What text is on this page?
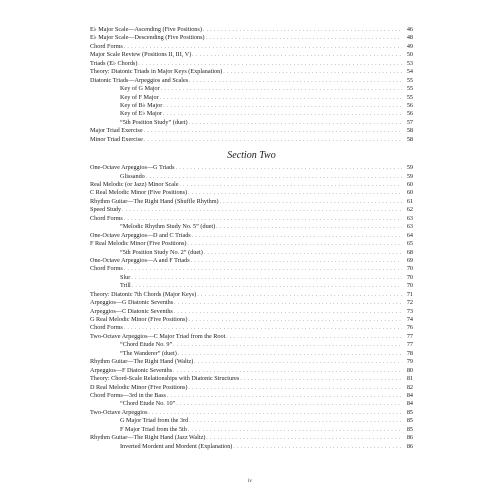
E♭ Major Scale—Ascending (Five Positions) . . .	46
E♭ Major Scale—Descending (Five Positions) . . .	48
Chord Forms . . .	49
Major Scale Review (Positions II, III, V) . . .	50
Triads (E♭ Chords) . . .	53
Theory: Diatonic Triads in Major Keys (Explanation) . . .	54
Diatonic Triads—Arpeggios and Scales . . .	55
Key of G Major . . .	55
Key of F Major . . .	55
Key of B♭ Major . . .	56
Key of E♭ Major . . .	56
“5th Position Study” (duet) . . .	57
Major Triad Exercise . . .	58
Minor Triad Exercise . . .	58
Section Two
One-Octave Arpeggios—G Triads . . .	59
Glissando . . .	59
Real Melodic (or Jazz) Minor Scale . . .	60
C Real Melodic Minor (Five Positions) . . .	60
Rhythm Guitar—The Right Hand (Shuffle Rhythm) . . .	61
Speed Study . . .	62
Chord Forms . . .	63
“Melodic Rhythm Study No. 5” (duet) . . .	63
One-Octave Arpeggios—D and C Triads . . .	64
F Real Melodic Minor (Five Positions) . . .	65
“5th Position Study No. 2” (duet) . . .	68
One-Octave Arpeggios—A and F Triads . . .	69
Chord Forms . . .	70
Slur . . .	70
Trill . . .	70
Theory: Diatonic 7th Chords (Major Keys) . . .	71
Arpeggios—G Diatonic Sevenths . . .	72
Arpeggios—C Diatonic Sevenths . . .	73
G Real Melodic Minor (Five Positions) . . .	74
Chord Forms . . .	76
Two-Octave Arpeggios—C Major Triad from the Root . . .	77
“Chord Etude No. 9” . . .	77
“The Wanderer” (duet) . . .	78
Rhythm Guitar—The Right Hand (Waltz) . . .	79
Arpeggios—F Diatonic Sevenths . . .	80
Theory: Chord-Scale Relationships with Diatonic Structures . . .	81
D Real Melodic Minor (Five Positions) . . .	82
Chord Forms—3rd in the Bass . . .	84
“Chord Etude No. 10” . . .	84
Two-Octave Arpeggios . . .	85
G Major Triad from the 3rd . . .	85
F Major Triad from the 5th . . .	85
Rhythm Guitar—The Right Hand (Jazz Waltz) . . .	86
Inverted Mordent and Mordent (Explanation) . . .	86
iv
